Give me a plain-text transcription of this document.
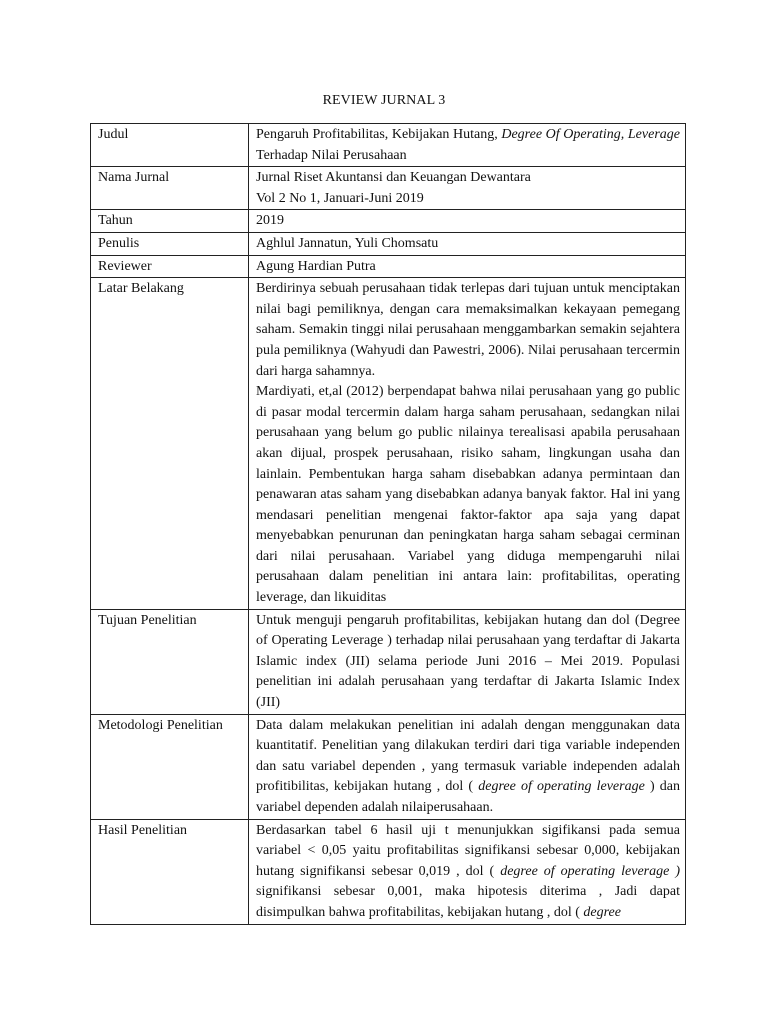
REVIEW JURNAL 3
Judul	Pengaruh Profitabilitas, Kebijakan Hutang, Degree Of Operating, Leverage Terhadap Nilai Perusahaan
Nama Jurnal	Jurnal Riset Akuntansi dan Keuangan Dewantara
Vol 2 No 1, Januari-Juni 2019

Tahun	2019
Penulis	Aghlul Jannatun, Yuli Chomsatu
Reviewer	Agung Hardian Putra
Latar Belakang	Berdirinya sebuah perusahaan tidak terlepas dari tujuan untuk menciptakan nilai bagi pemiliknya, dengan cara memaksimalkan kekayaan pemegang saham. Semakin tinggi nilai perusahaan menggambarkan semakin sejahtera pula pemiliknya (Wahyudi dan Pawestri, 2006). Nilai perusahaan tercermin dari harga sahamnya.
Mardiyati, et,al (2012) berpendapat bahwa nilai perusahaan yang go public di pasar modal tercermin dalam harga saham perusahaan, sedangkan nilai perusahaan yang belum go public nilainya terealisasi apabila perusahaan akan dijual, prospek perusahaan, risiko saham, lingkungan usaha dan lainlain. Pembentukan harga saham disebabkan adanya permintaan dan penawaran atas saham yang disebabkan adanya banyak faktor. Hal ini yang mendasari penelitian mengenai faktor-faktor apa saja yang dapat menyebabkan penurunan dan peningkatan harga saham sebagai cerminan dari nilai perusahaan. Variabel yang diduga mempengaruhi nilai perusahaan dalam penelitian ini antara lain: profitabilitas, operating leverage, dan likuiditas

Tujuan Penelitian	Untuk menguji pengaruh profitabilitas, kebijakan hutang dan dol (Degree of Operating Leverage ) terhadap nilai perusahaan yang terdaftar di Jakarta Islamic index (JII) selama periode Juni 2016 – Mei 2019. Populasi penelitian ini adalah perusahaan yang terdaftar di Jakarta Islamic Index (JII)
Metodologi Penelitian	Data dalam melakukan penelitian ini adalah dengan menggunakan data kuantitatif. Penelitian yang dilakukan terdiri dari tiga variable independen dan satu variabel dependen , yang termasuk variable independen adalah profitibilitas, kebijakan hutang , dol ( degree of operating leverage ) dan variabel dependen adalah nilaiperusahaan.
Hasil Penelitian	Berdasarkan tabel 6 hasil uji t menunjukkan sigifikansi pada semua variabel < 0,05 yaitu profitabilitas signifikansi sebesar 0,000, kebijakan hutang signifikansi sebesar 0,019 , dol ( degree of operating leverage ) signifikansi sebesar 0,001, maka hipotesis diterima , Jadi dapat disimpulkan bahwa profitabilitas, kebijakan hutang , dol ( degree
